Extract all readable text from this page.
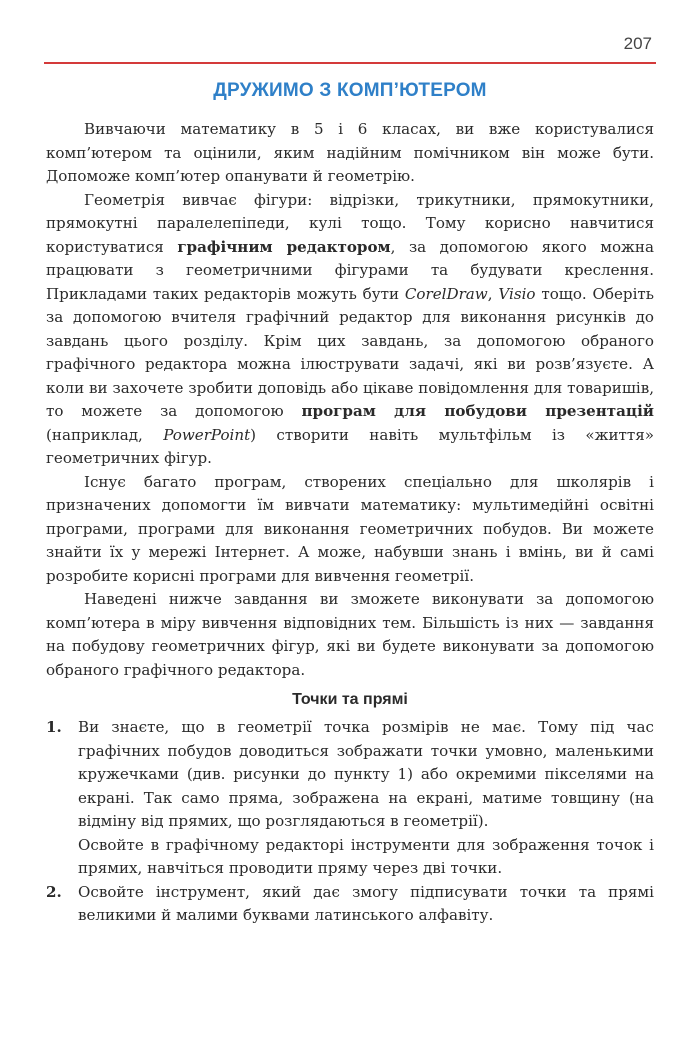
207
ДРУЖИМО З КОМП’ЮТЕРОМ

Вивчаючи математику в 5 і 6 класах, ви вже користувалися комп’ютером та оцінили, яким надійним помічником він може бути. Допоможе комп’ютер опанувати й геометрію.

Геометрія вивчає фігури: відрізки, трикутники, прямокутники, прямокутні паралелепіпеди, кулі тощо. Тому корисно навчитися користуватися графічним редактором, за допомогою якого можна працювати з геометричними фігурами та будувати креслення. Прикладами таких редакторів можуть бути CorelDraw, Visio тощо. Оберіть за допомогою вчителя графічний редактор для виконання рисунків до завдань цього розділу. Крім цих завдань, за допомогою обраного графічного редактора можна ілюструвати задачі, які ви розв’язуєте. А коли ви захочете зробити доповідь або цікаве повідомлення для товаришів, то можете за допомогою програм для побудови презентацій (наприклад, PowerPoint) створити навіть мультфільм із «життя» геометричних фігур.

Існує багато програм, створених спеціально для школярів і призначених допомогти їм вивчати математику: мультимедійні освітні програми, програми для виконання геометричних побудов. Ви можете знайти їх у мережі Інтернет. А може, набувши знань і вмінь, ви й самі розробите корисні програми для вивчення геометрії.

Наведені нижче завдання ви зможете виконувати за допомогою комп’ютера в міру вивчення відповідних тем. Більшість із них — завдання на побудову геометричних фігур, які ви будете виконувати за допомогою обраного графічного редактора.

Точки та прямі
1.	Ви знаєте, що в геометрії точка розмірів не має. Тому під час графічних побудов доводиться зображати точки умовно, маленькими кружечками (див. рисунки до пункту 1) або окремими пікселями на екрані. Так само пряма, зображена на екрані, матиме товщину (на відміну від прямих, що розглядаються в геометрії).

Освойте в графічному редакторі інструменти для зображення точок і прямих, навчіться проводити пряму через дві точки.

2.	Освойте інструмент, який дає змогу підписувати точки та прямі великими й малими буквами латинського алфавіту.
